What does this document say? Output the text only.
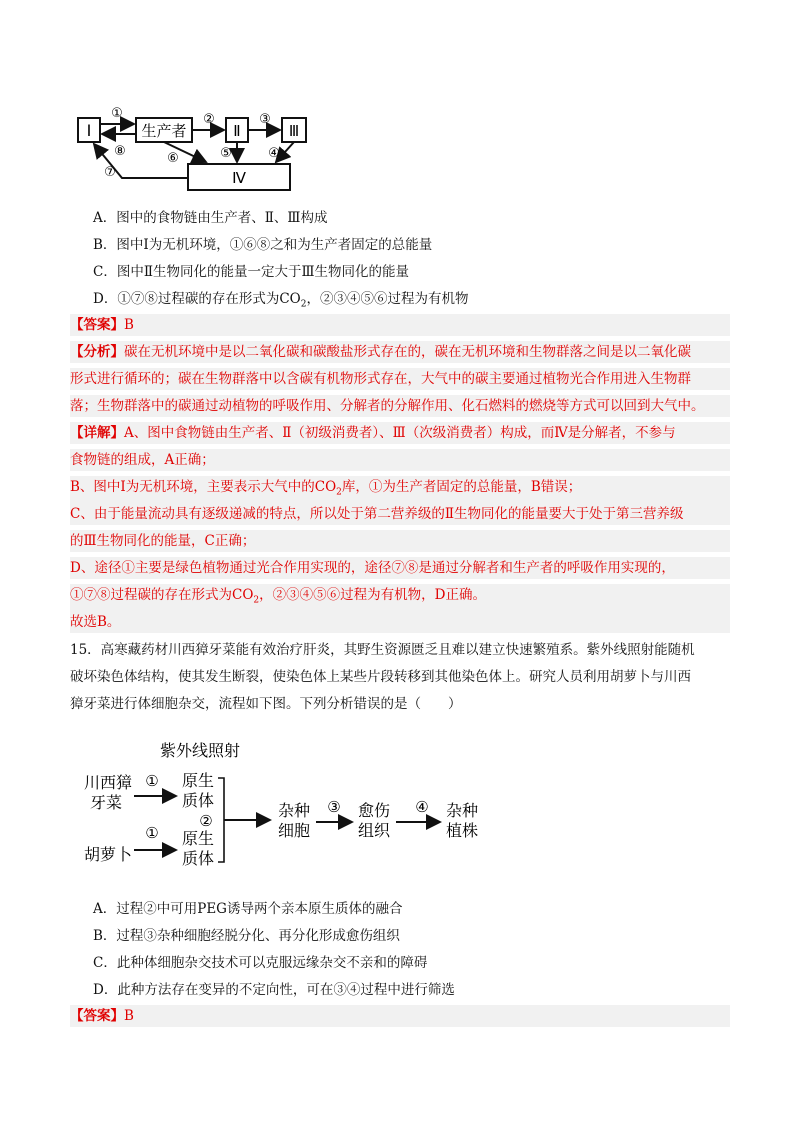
Ⅰ	生产者	Ⅱ	Ⅲ
Ⅳ
①	②	③
⑧	⑥	⑤	④
⑦
A．图中的食物链由生产者、Ⅱ、Ⅲ构成
B．图中Ⅰ为无机环境，①⑥⑧之和为生产者固定的总能量
C．图中Ⅱ生物同化的能量一定大于Ⅲ生物同化的能量
D．①⑦⑧过程碳的存在形式为$CO_2$，②③④⑤⑥过程为有机物
【答案】B
【分析】碳在无机环境中是以二氧化碳和碳酸盐形式存在的，碳在无机环境和生物群落之间是以二氧化碳
形式进行循环的；碳在生物群落中以含碳有机物形式存在，大气中的碳主要通过植物光合作用进入生物群
落；生物群落中的碳通过动植物的呼吸作用、分解者的分解作用、化石燃料的燃烧等方式可以回到大气中。
【详解】A、图中食物链由生产者、Ⅱ（初级消费者）、Ⅲ（次级消费者）构成，而Ⅳ是分解者，不参与
食物链的组成，A正确；
B、图中Ⅰ为无机环境，主要表示大气中的$CO_2$库，①为生产者固定的总能量，B错误；
C、由于能量流动具有逐级递减的特点，所以处于第二营养级的Ⅱ生物同化的能量要大于处于第三营养级
的Ⅲ生物同化的能量，C正确；
D、途径①主要是绿色植物通过光合作用实现的，途径⑦⑧是通过分解者和生产者的呼吸作用实现的，
①⑦⑧过程碳的存在形式为$CO_2$，②③④⑤⑥过程为有机物，D正确。
故选B。
15．高寒藏药材川西獐牙菜能有效治疗肝炎，其野生资源匮乏且难以建立快速繁殖系。紫外线照射能随机
破坏染色体结构，使其发生断裂，使染色体上某些片段转移到其他染色体上。研究人员利用胡萝卜与川西
獐牙菜进行体细胞杂交，流程如下图。下列分析错误的是（　　）
紫外线照射
川西獐
牙菜
① 原生
质体
胡萝卜
① 原生
质体
②
杂种
细胞
③ 愈伤
组织
④ 杂种
植株
A．过程②中可用PEG诱导两个亲本原生质体的融合
B．过程③杂种细胞经脱分化、再分化形成愈伤组织
C．此种体细胞杂交技术可以克服远缘杂交不亲和的障碍
D．此种方法存在变异的不定向性，可在③④过程中进行筛选
【答案】B
